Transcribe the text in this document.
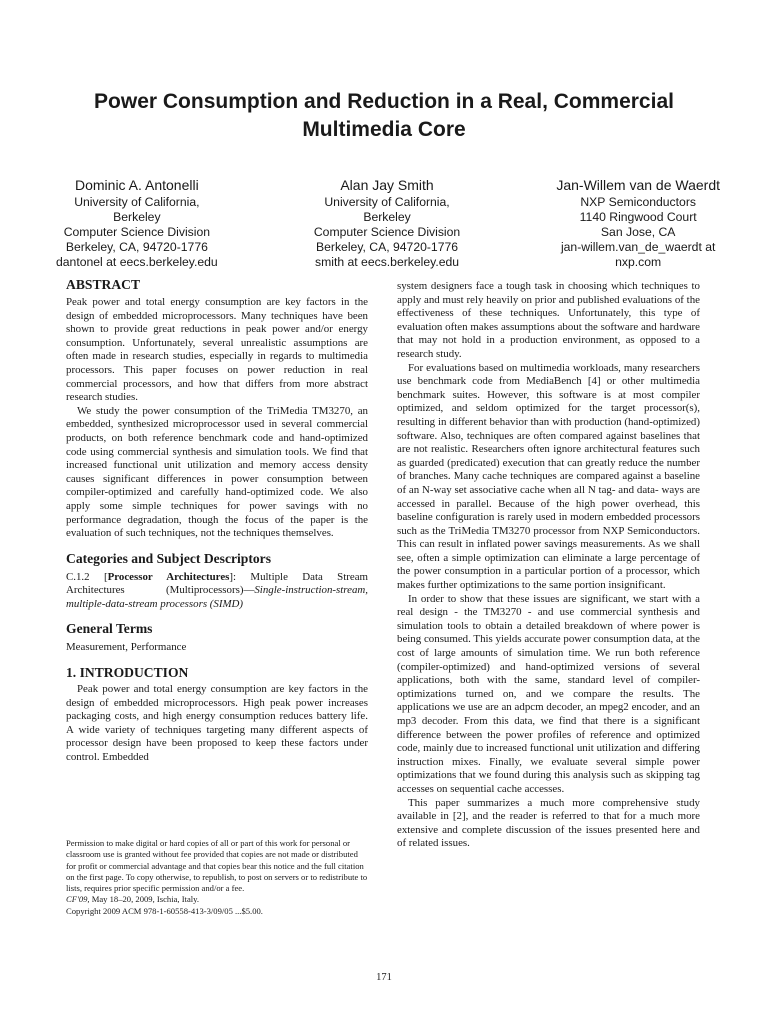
Power Consumption and Reduction in a Real, Commercial Multimedia Core
Dominic A. Antonelli
University of California,
Berkeley
Computer Science Division
Berkeley, CA, 94720-1776
dantonel at eecs.berkeley.edu
Alan Jay Smith
University of California,
Berkeley
Computer Science Division
Berkeley, CA, 94720-1776
smith at eecs.berkeley.edu
Jan-Willem van de Waerdt
NXP Semiconductors
1140 Ringwood Court
San Jose, CA
jan-willem.van_de_waerdt at
nxp.com
ABSTRACT

Peak power and total energy consumption are key factors in the design of embedded microprocessors. Many techniques have been shown to provide great reductions in peak power and/or energy consumption. Unfortunately, several unrealistic assumptions are often made in research studies, especially in regards to multimedia processors. This paper focuses on power reduction in real commercial processors, and how that differs from more abstract research studies.

We study the power consumption of the TriMedia TM3270, an embedded, synthesized microprocessor used in several commercial products, on both reference benchmark code and hand-optimized code using commercial synthesis and simulation tools. We find that increased functional unit utilization and memory access density causes significant differences in power consumption between compiler-optimized and carefully hand-optimized code. We also apply some simple techniques for power savings with no performance degradation, though the focus of the paper is the evaluation of such techniques, not the techniques themselves.

Categories and Subject Descriptors

C.1.2 [Processor Architectures]: Multiple Data Stream Architectures (Multiprocessors)—Single-instruction-stream, multiple-data-stream processors (SIMD)

General Terms

Measurement, Performance

1. INTRODUCTION

Peak power and total energy consumption are key factors in the design of embedded microprocessors. High peak power increases packaging costs, and high energy consumption reduces battery life. A wide variety of techniques targeting many different aspects of processor design have been proposed to keep these factors under control. Embedded

Permission to make digital or hard copies of all or part of this work for personal or classroom use is granted without fee provided that copies are not made or distributed for profit or commercial advantage and that copies bear this notice and the full citation on the first page. To copy otherwise, to republish, to post on servers or to redistribute to lists, requires prior specific permission and/or a fee.

CF'09, May 18–20, 2009, Ischia, Italy.

Copyright 2009 ACM 978-1-60558-413-3/09/05 ...$5.00.

system designers face a tough task in choosing which techniques to apply and must rely heavily on prior and published evaluations of the effectiveness of these techniques. Unfortunately, this type of evaluation often makes assumptions about the software and hardware that may not hold in a production environment, as opposed to a research study.

For evaluations based on multimedia workloads, many researchers use benchmark code from MediaBench [4] or other multimedia benchmark suites. However, this software is at most compiler optimized, and seldom optimized for the target processor(s), resulting in different behavior than with production (hand-optimized) software. Also, techniques are often compared against baselines that are not realistic. Researchers often ignore architectural features such as guarded (predicated) execution that can greatly reduce the number of branches. Many cache techniques are compared against a baseline of an N-way set associative cache when all N tag- and data- ways are accessed in parallel. Because of the high power overhead, this baseline configuration is rarely used in modern embedded processors such as the TriMedia TM3270 processor from NXP Semiconductors. This can result in inflated power savings measurements. As we shall see, often a simple optimization can eliminate a large percentage of the power consumption in a particular portion of a processor, which makes further optimizations to the same portion insignificant.

In order to show that these issues are significant, we start with a real design - the TM3270 - and use commercial synthesis and simulation tools to obtain a detailed breakdown of where power is being consumed. This yields accurate power consumption data, at the cost of large amounts of simulation time. We run both reference (compiler-optimized) and hand-optimized versions of several applications, both with the same, standard level of compiler-optimizations turned on, and we compare the results. The applications we use are an adpcm decoder, an mpeg2 encoder, and an mp3 decoder. From this data, we find that there is a significant difference between the power profiles of reference and optimized code, mainly due to increased functional unit utilization and differing instruction mixes. Finally, we evaluate several simple power optimizations that we found during this analysis such as skipping tag accesses on sequential cache accesses.

This paper summarizes a much more comprehensive study available in [2], and the reader is referred to that for a much more extensive and complete discussion of the issues presented here and of related issues.

171
